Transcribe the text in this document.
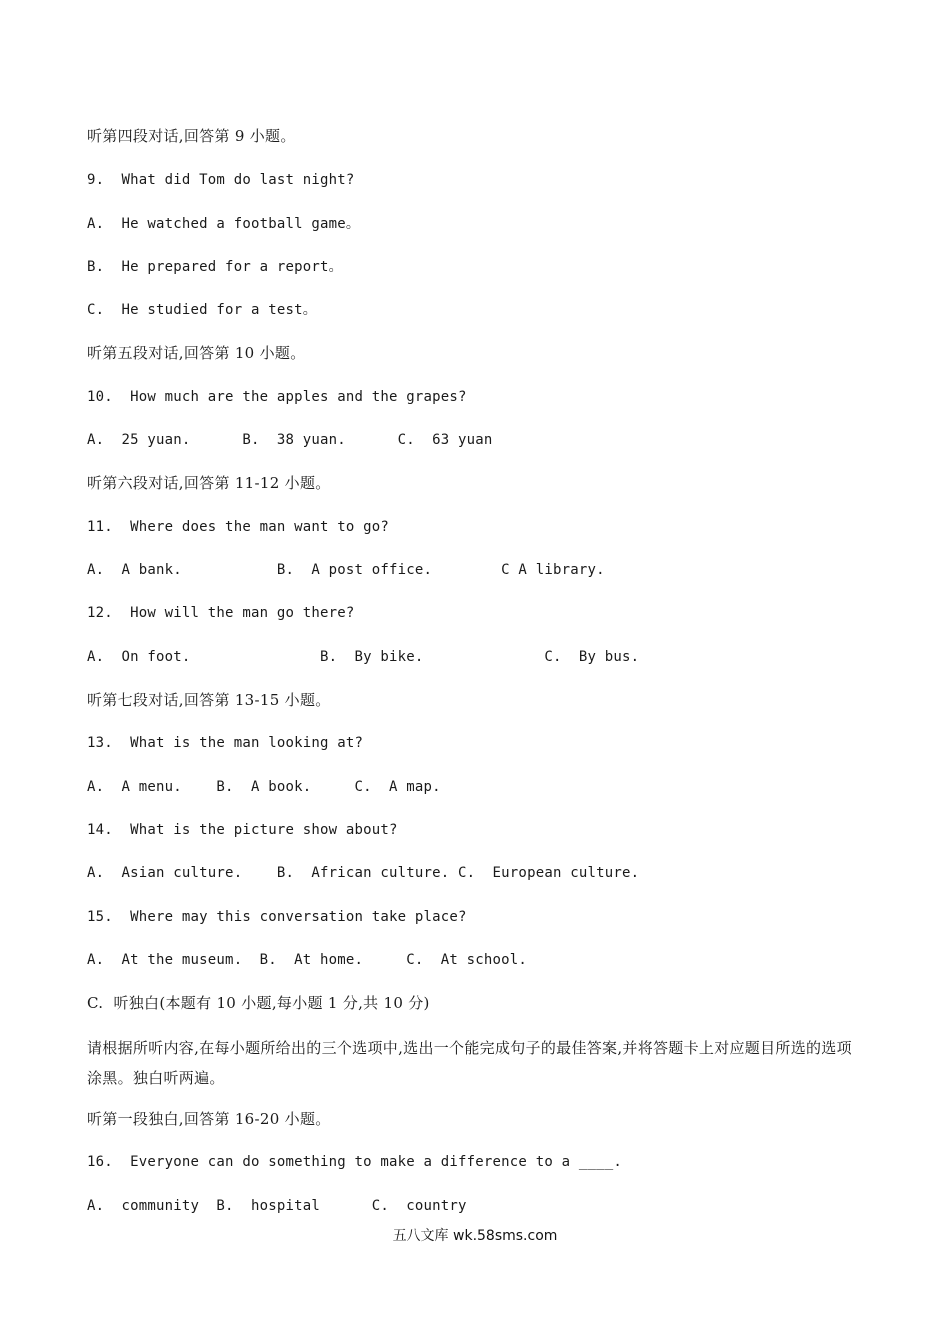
听第四段对话,回答第 9 小题。
9.  What did Tom do last night?
A.  He watched a football game。
B.  He prepared for a report。
C.  He studied for a test。
听第五段对话,回答第 10 小题。
10.  How much are the apples and the grapes?
A.  25 yuan.      B.  38 yuan.      C.  63 yuan
听第六段对话,回答第 11-12 小题。
11.  Where does the man want to go?
A.  A bank.           B.  A post office.        C A library.
12.  How will the man go there?
A.  On foot.               B.  By bike.              C.  By bus.
听第七段对话,回答第 13-15 小题。
13.  What is the man looking at?
A.  A menu.    B.  A book.     C.  A map.
14.  What is the picture show about?
A.  Asian culture.    B.  African culture. C.  European culture.
15.  Where may this conversation take place?
A.  At the museum.  B.  At home.     C.  At school.
C.  听独白(本题有 10 小题,每小题 1 分,共 10 分)
请根据所听内容,在每小题所给出的三个选项中,选出一个能完成句子的最佳答案,并将答题卡上对应题目所选的选项涂黑。独白听两遍。
听第一段独白,回答第 16-20 小题。
16.  Everyone can do something to make a difference to a ____.
A.  community  B.  hospital      C.  country
五八文库 wk.58sms.com
